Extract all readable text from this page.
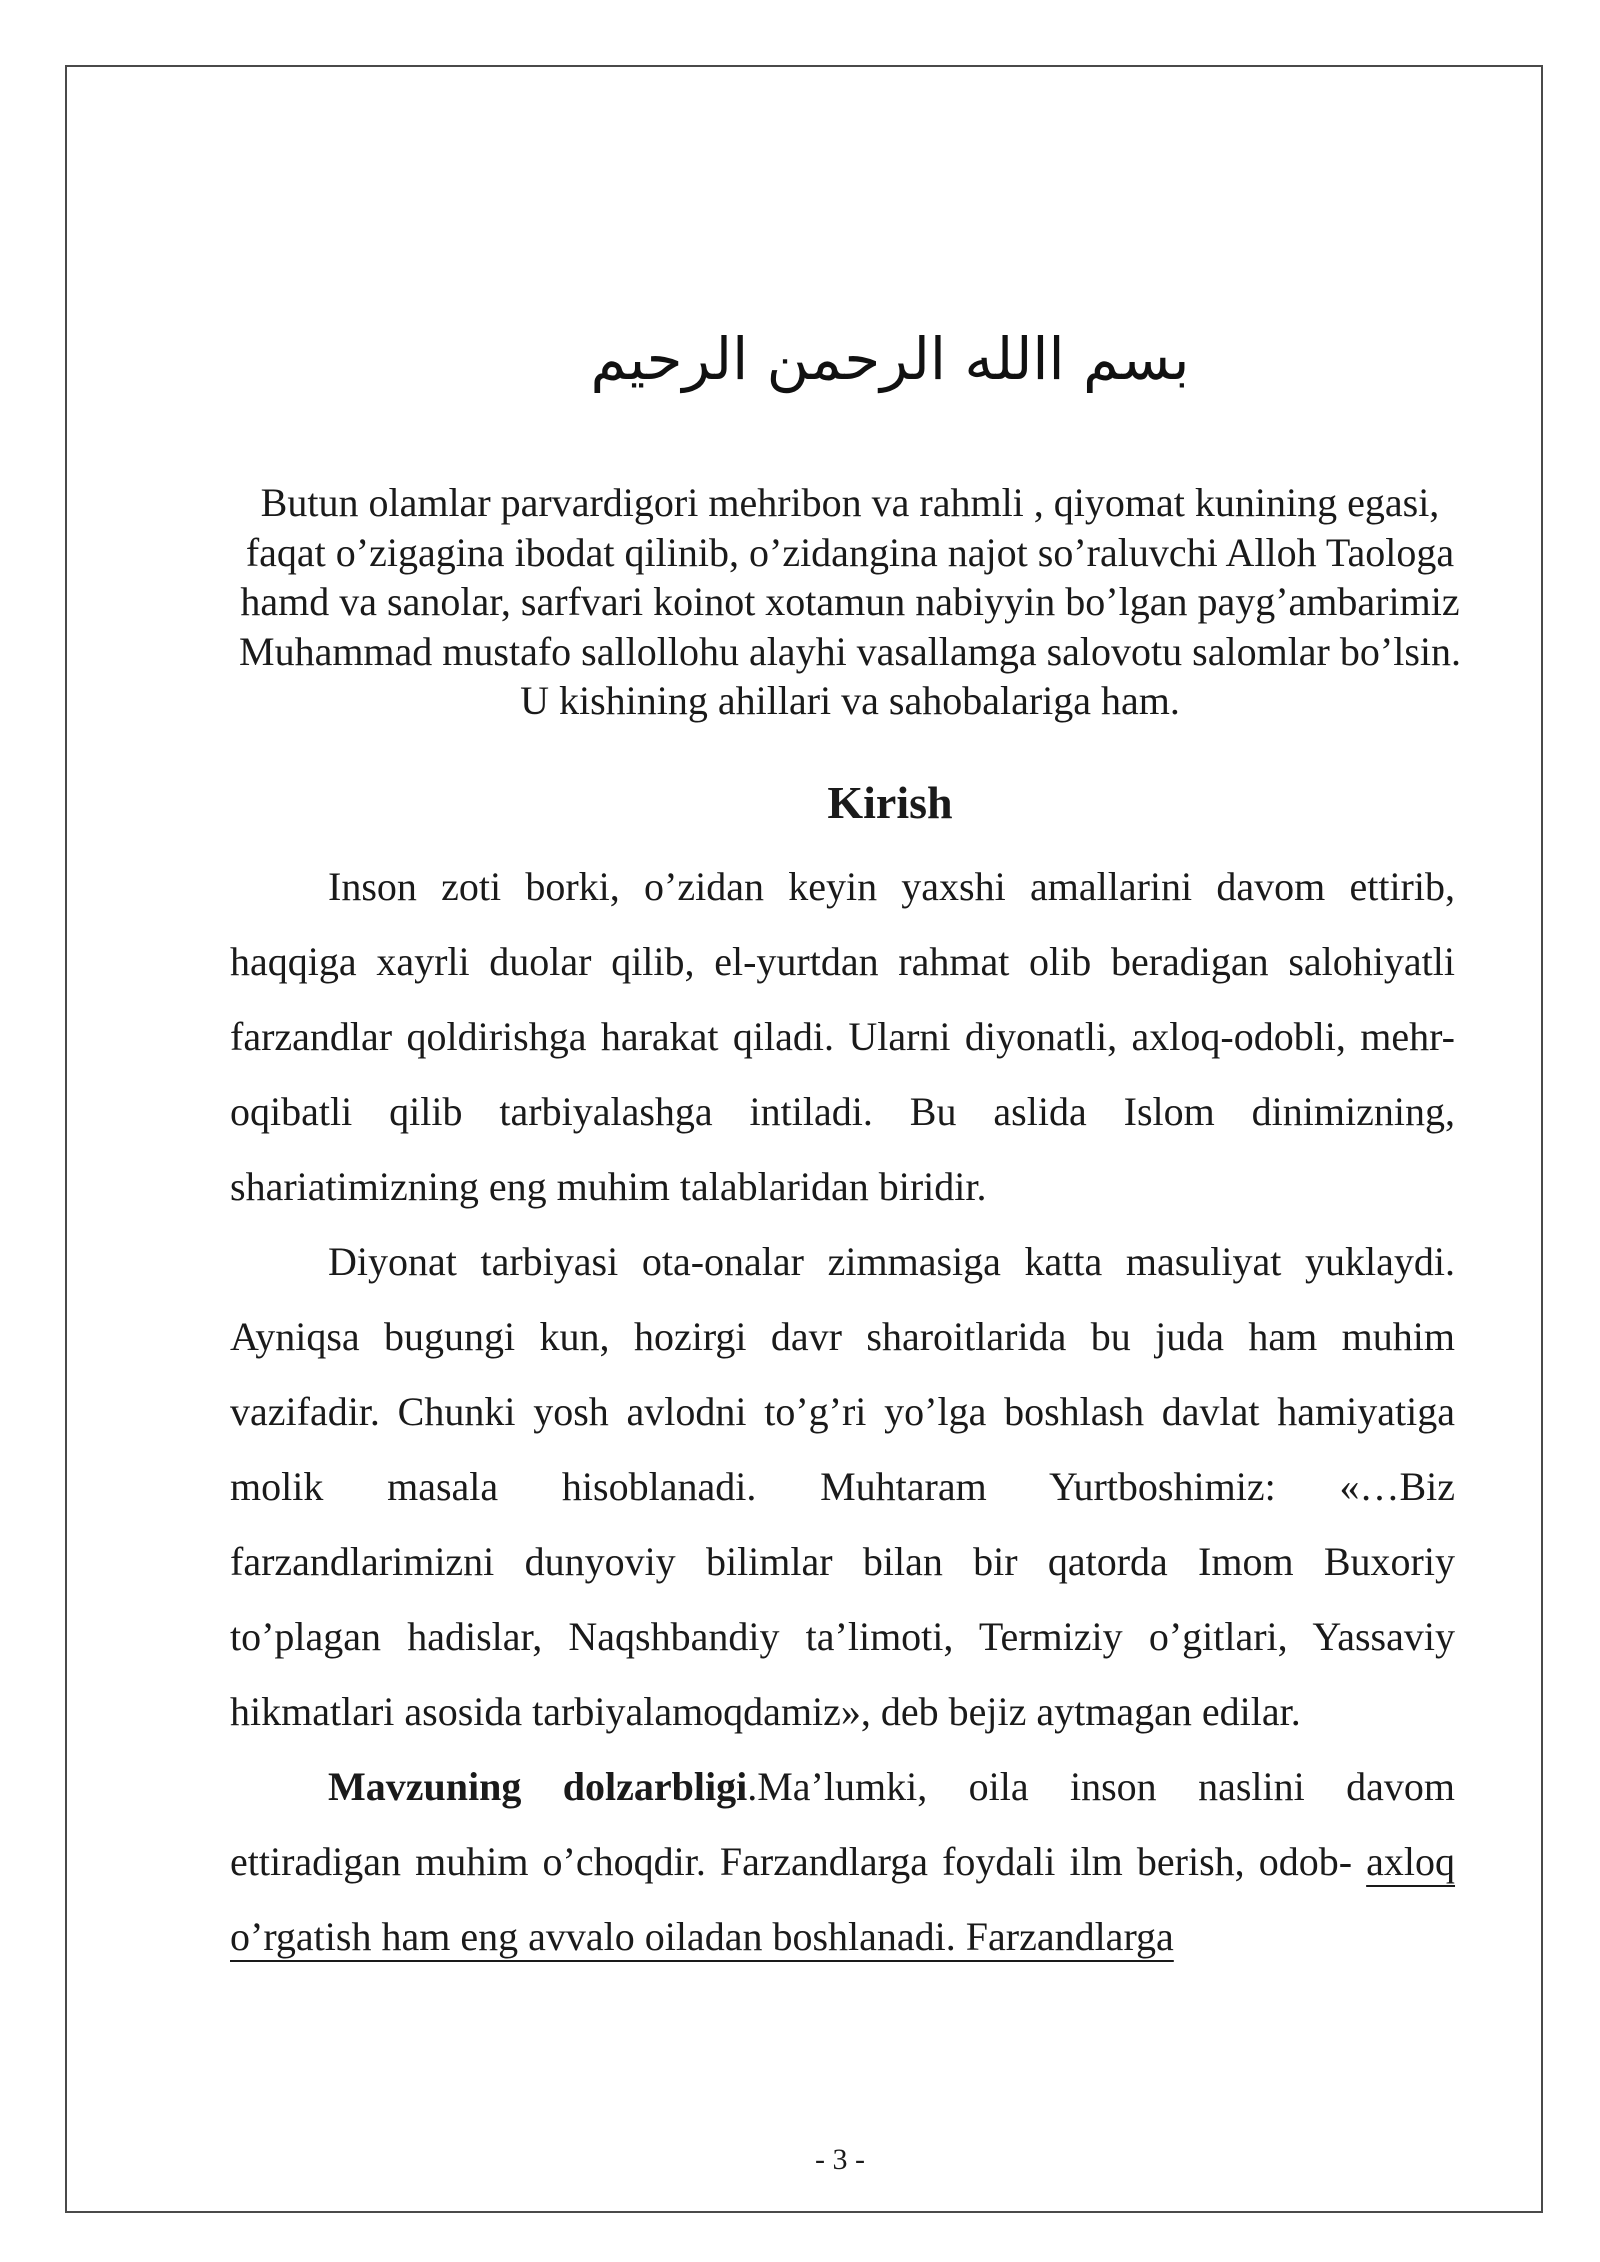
بسم االله الرحمن الرحيم
Butun olamlar parvardigori mehribon va rahmli , qiyomat kunining egasi, faqat o’zigagina ibodat qilinib, o’zidangina najot so’raluvchi Alloh Taologa hamd va sanolar, sarfvari koinot xotamun nabiyyin bo’lgan payg’ambarimiz Muhammad mustafo sallollohu alayhi vasallamga salovotu salomlar bo’lsin. U kishining ahillari va sahobalariga ham.
Kirish

Inson zoti borki, o’zidan keyin yaxshi amallarini davom ettirib, haqqiga xayrli duolar qilib, el-yurtdan rahmat olib beradigan salohiyatli farzandlar qoldirishga harakat qiladi. Ularni diyonatli, axloq-odobli, mehr-oqibatli qilib tarbiyalashga intiladi. Bu aslida Islom dinimizning, shariatimizning eng muhim talablaridan biridir.

Diyonat tarbiyasi ota-onalar zimmasiga katta masuliyat yuklaydi. Ayniqsa bugungi kun, hozirgi davr sharoitlarida bu juda ham muhim vazifadir. Chunki yosh avlodni to’g’ri yo’lga boshlash davlat hamiyatiga molik masala hisoblanadi. Muhtaram Yurtboshimiz: «…Biz farzandlarimizni dunyoviy bilimlar bilan bir qatorda Imom Buxoriy to’plagan hadislar, Naqshbandiy ta’limoti, Termiziy o’gitlari, Yassaviy hikmatlari asosida tarbiyalamoqdamiz», deb bejiz aytmagan edilar.

Mavzuning dolzarbligi.Ma’lumki, oila inson naslini davom ettiradigan muhim o’choqdir. Farzandlarga foydali ilm berish, odob- axloq o’rgatish ham eng avvalo oiladan boshlanadi. Farzandlarga

- 3 -
